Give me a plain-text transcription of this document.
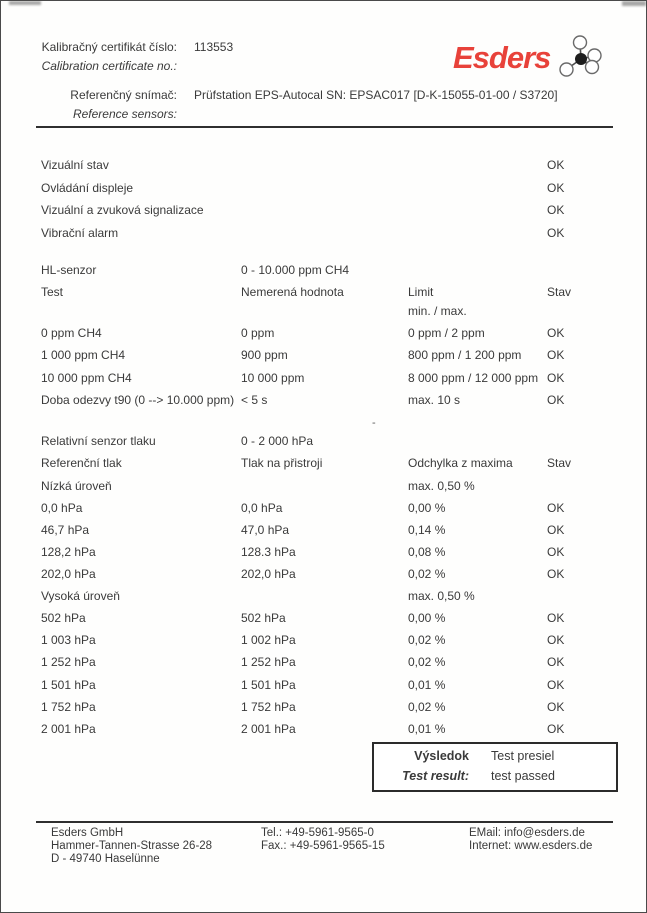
Kalibračný certifikát číslo:
Calibration certificate no.:
113553
Referenčný snímač:
Reference sensors:
Prüfstation EPS-Autocal SN: EPSAC017 [D-K-15055-01-00 / S3720]
Esders
Vizuální stav	OK
Ovládání displeje	OK
Vizuální a zvuková signalizace	OK
Vibrační alarm	OK
HL-senzor	0 - 10.000 ppm CH4
Test	Nemerená hodnota	Limit	Stav
min. / max.
0 ppm CH4	0 ppm	0 ppm / 2 ppm	OK
1 000 ppm CH4	900 ppm	800 ppm / 1 200 ppm OK
10 000 ppm CH4	10 000 ppm	8 000 ppm / 12 000 ppm OK
Doba odezvy t90 (0 --> 10.000 ppm) < 5 s	max. 10 s	OK
-
Relativní senzor tlaku	0 - 2 000 hPa
Referenční tlak	Tlak na přistroji	Odchylka z maxima	Stav
Nízká úroveň	max. 0,50 %
0,0 hPa	0,0 hPa	0,00 %	OK
46,7 hPa	47,0 hPa	0,14 %	OK
128,2 hPa	128.3 hPa	0,08 %	OK
202,0 hPa	202,0 hPa	0,02 %	OK
Vysoká úroveň	max. 0,50 %
502 hPa	502 hPa	0,00 %	OK
1 003 hPa	1 002 hPa	0,02 %	OK
1 252 hPa	1 252 hPa	0,02 %	OK
1 501 hPa	1 501 hPa	0,01 %	OK
1 752 hPa	1 752 hPa	0,02 %	OK
2 001 hPa	2 001 hPa	0,01 %	OK
Výsledok Test presiel
Test result: test passed
Esders GmbH
Hammer-Tannen-Strasse 26-28
D - 49740 Haselünne
Tel.: +49-5961-9565-0
Fax.: +49-5961-9565-15
EMail: info@esders.de
Internet: www.esders.de
